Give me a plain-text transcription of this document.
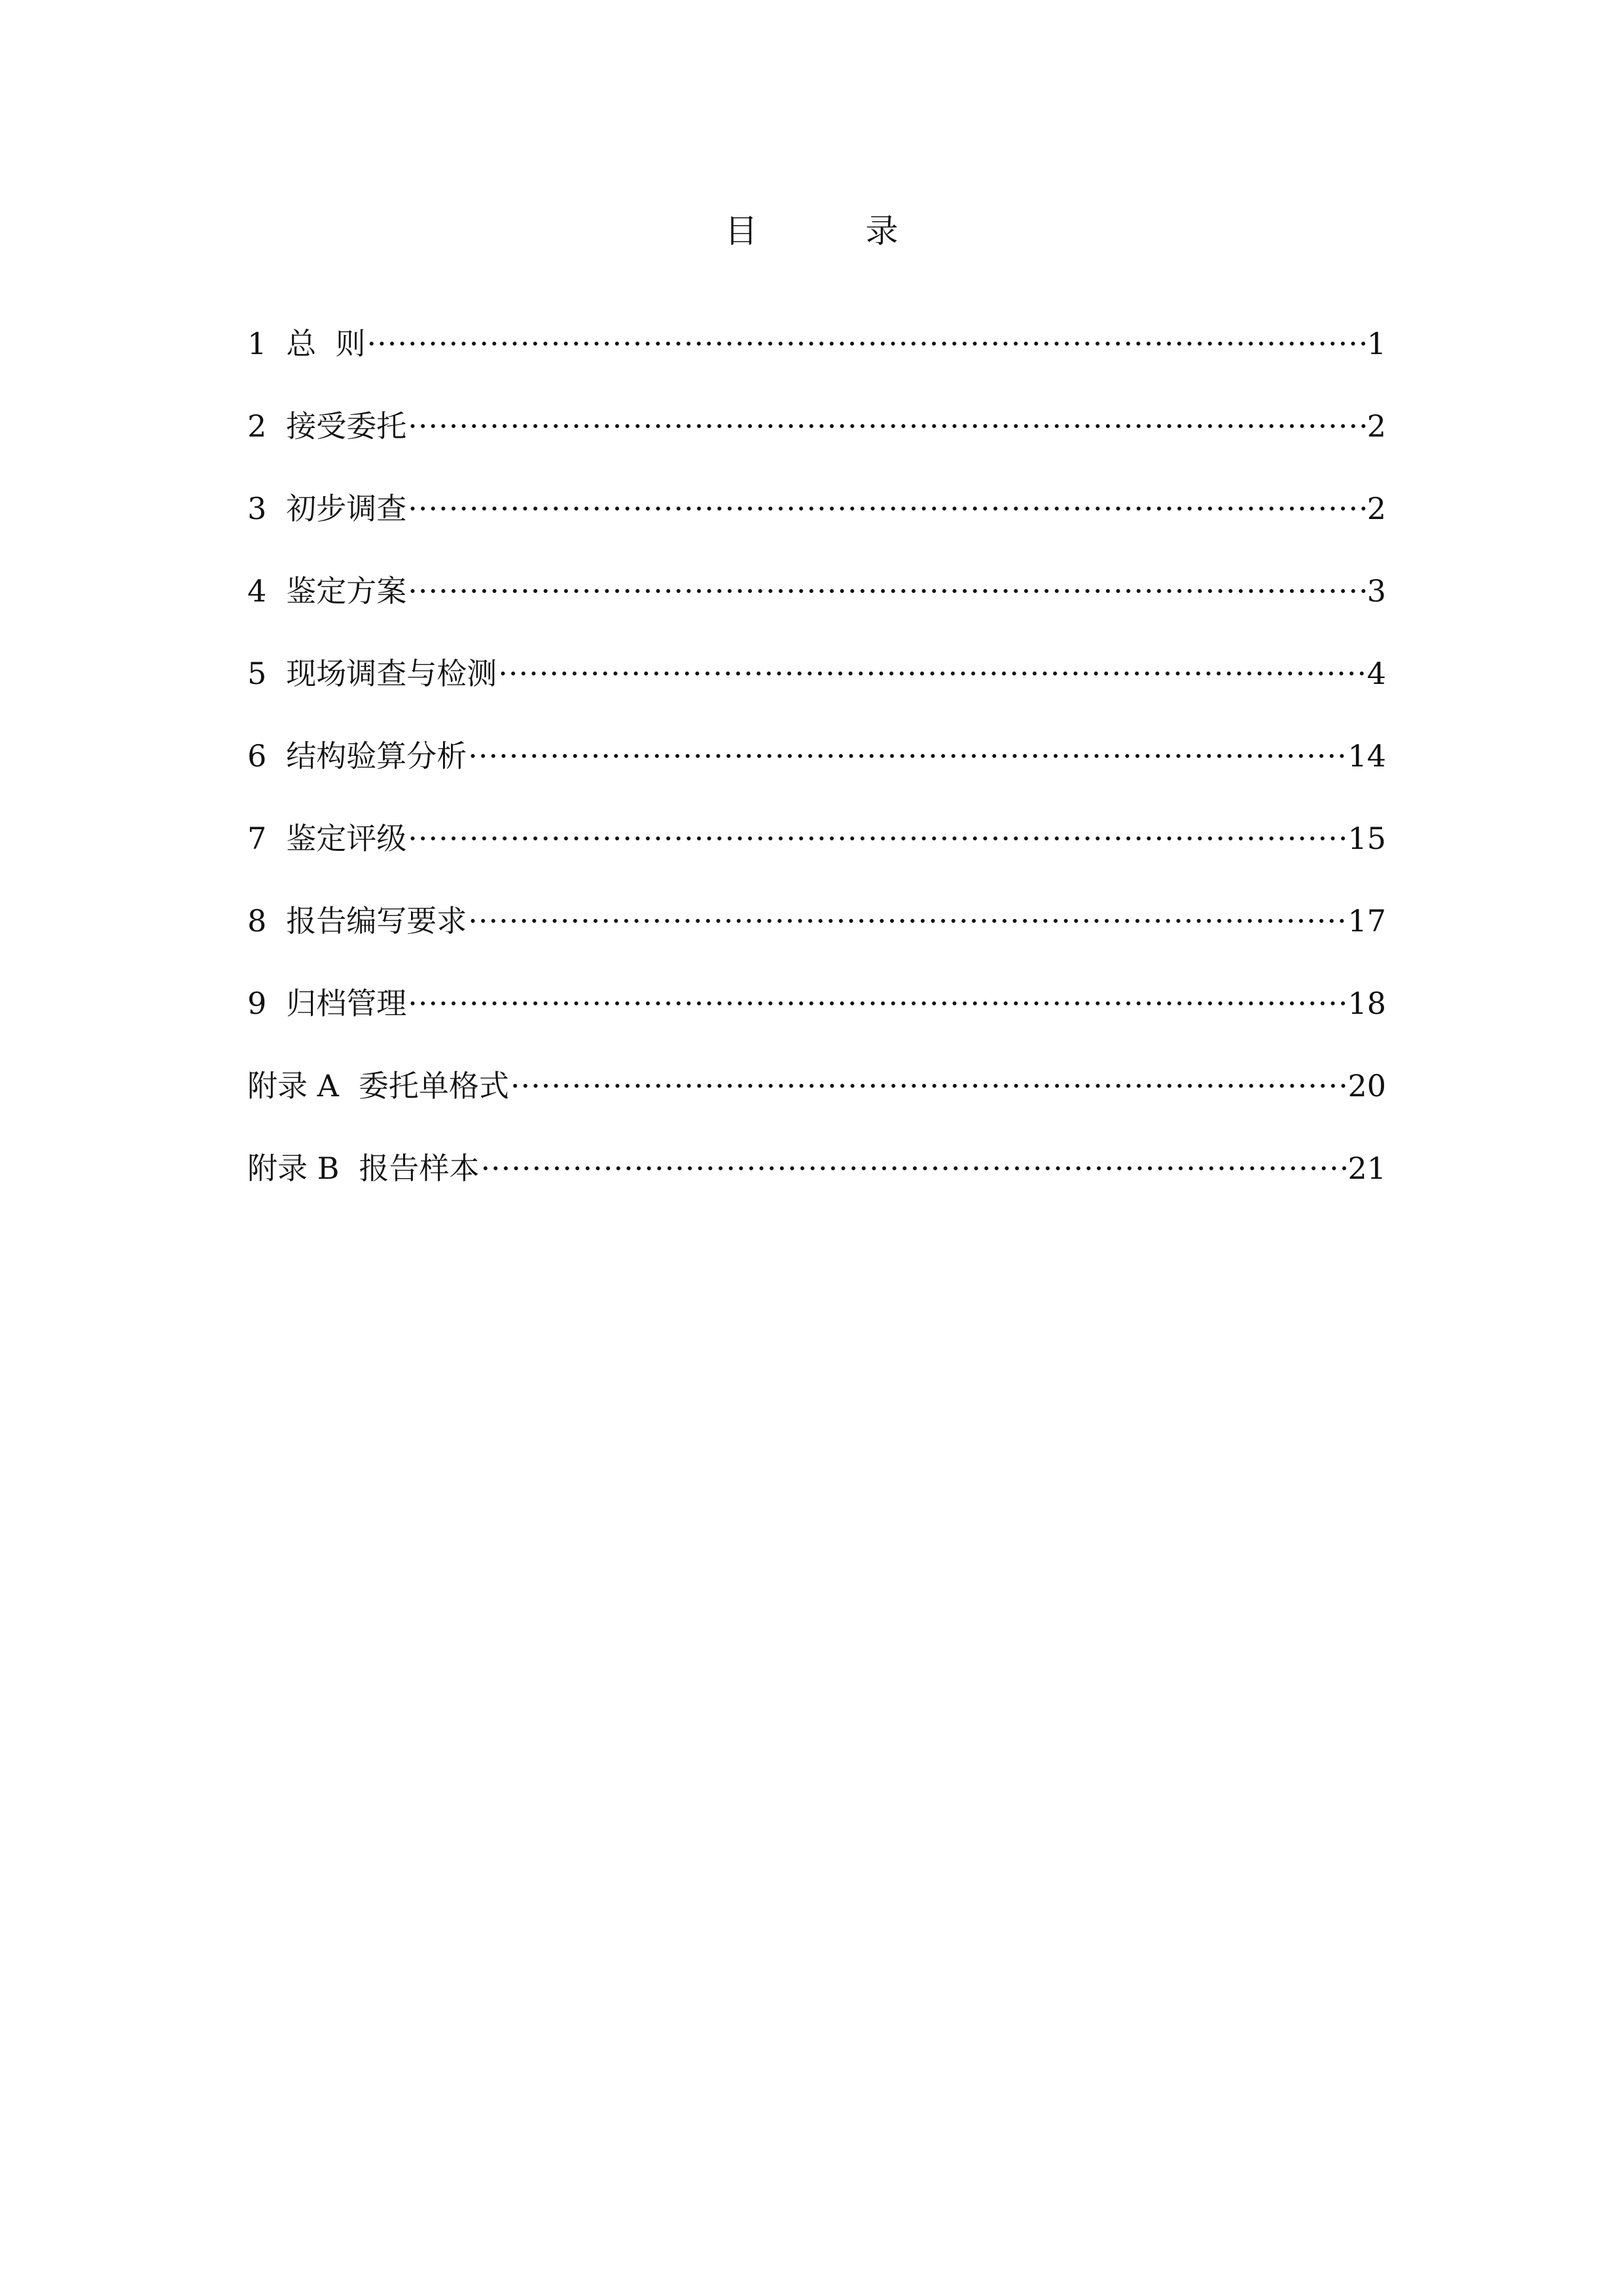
目	录
1 总  则 ·····	1
2 接受委托 ·····	2
3 初步调查 ·····	2
4 鉴定方案 ·····	3
5 现场调查与检测 ·····	4
6 结构验算分析 ·····	14
7 鉴定评级 ·····	15
8 报告编写要求 ·····	17
9 归档管理 ·····	18
附录 A 委托单格式 ·····	20
附录 B 报告样本 ·····	21
